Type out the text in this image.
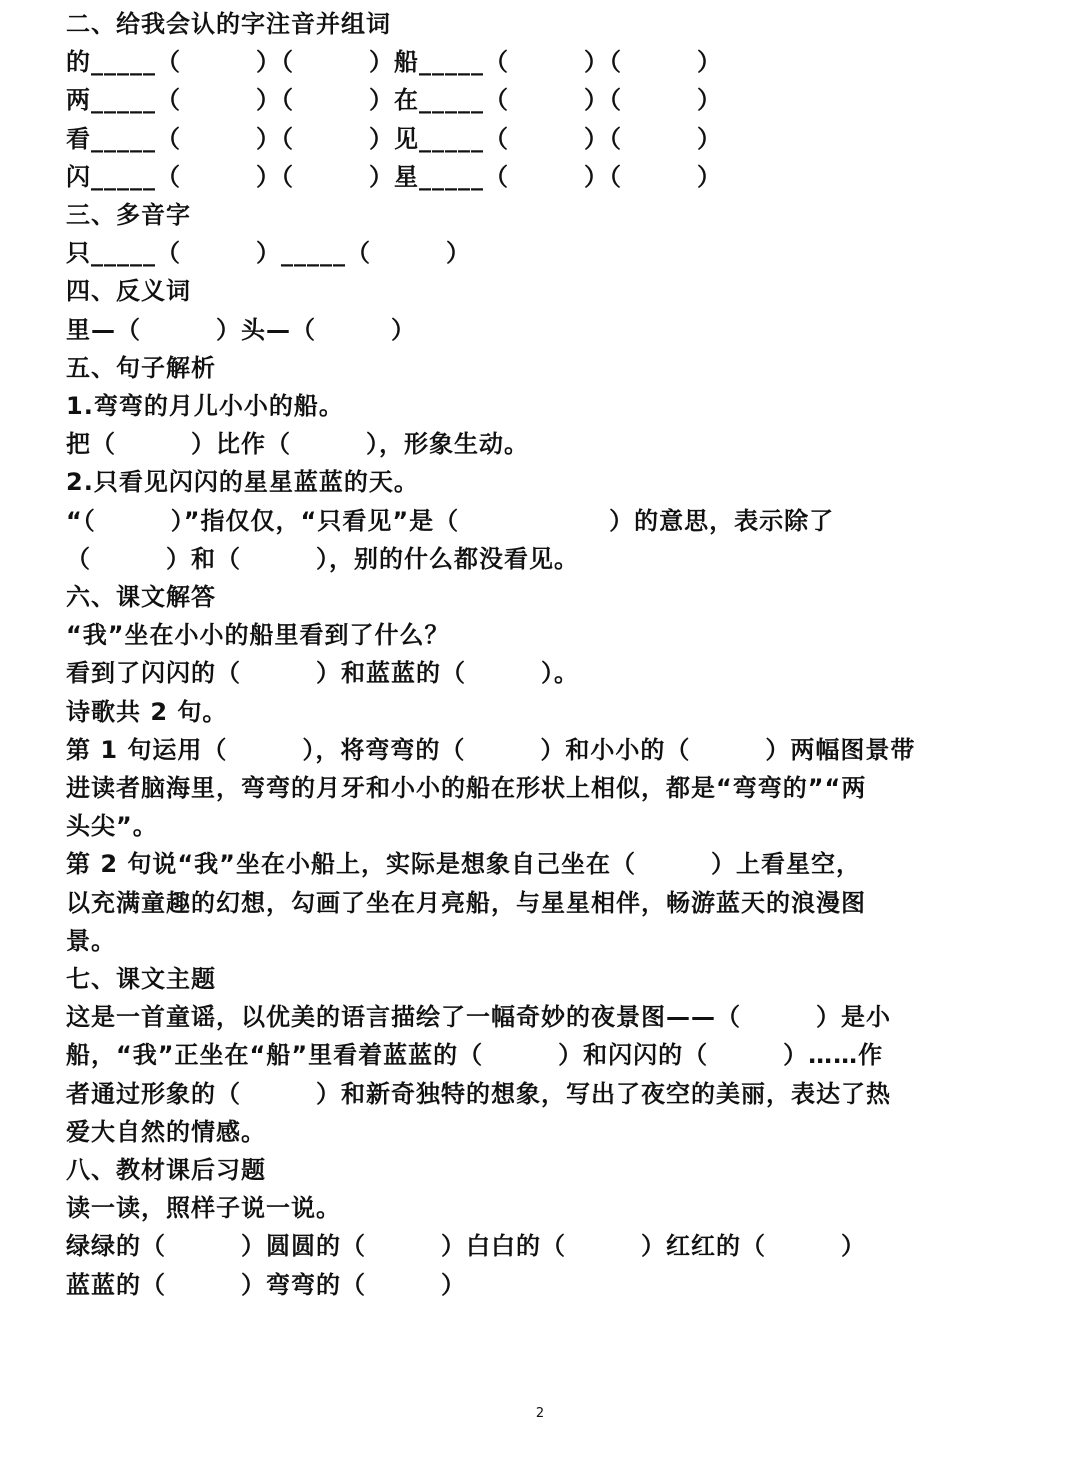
二、给我会认的字注音并组词
的_____（　　　）（　　　）船_____（　　　）（　　　）
两_____（　　　）（　　　）在_____（　　　）（　　　）
看_____（　　　）（　　　）见_____（　　　）（　　　）
闪_____（　　　）（　　　）星_____（　　　）（　　　）
三、多音字
只_____（　　　）_____（　　　）
四、反义词
里—（　　　）头—（　　　）
五、句子解析
1.弯弯的月儿小小的船。
把（　　　）比作（　　　），形象生动。
2.只看见闪闪的星星蓝蓝的天。
“（　　　）”指仅仅，“只看见”是（　　　　　　）的意思，表示除了
（　　　）和（　　　），别的什么都没看见。
六、课文解答
“我”坐在小小的船里看到了什么？
看到了闪闪的（　　　）和蓝蓝的（　　　）。
诗歌共 2 句。
第 1 句运用（　　　），将弯弯的（　　　）和小小的（　　　）两幅图景带
进读者脑海里，弯弯的月牙和小小的船在形状上相似，都是“弯弯的”“两
头尖”。
第 2 句说“我”坐在小船上，实际是想象自己坐在（　　　）上看星空，
以充满童趣的幻想，勾画了坐在月亮船，与星星相伴，畅游蓝天的浪漫图
景。
七、课文主题
这是一首童谣，以优美的语言描绘了一幅奇妙的夜景图——（　　　）是小
船，“我”正坐在“船”里看着蓝蓝的（　　　）和闪闪的（　　　）……作
者通过形象的（　　　）和新奇独特的想象，写出了夜空的美丽，表达了热
爱大自然的情感。
八、教材课后习题
读一读，照样子说一说。
绿绿的（　　　）圆圆的（　　　）白白的（　　　）红红的（　　　）
蓝蓝的（　　　）弯弯的（　　　）
2
